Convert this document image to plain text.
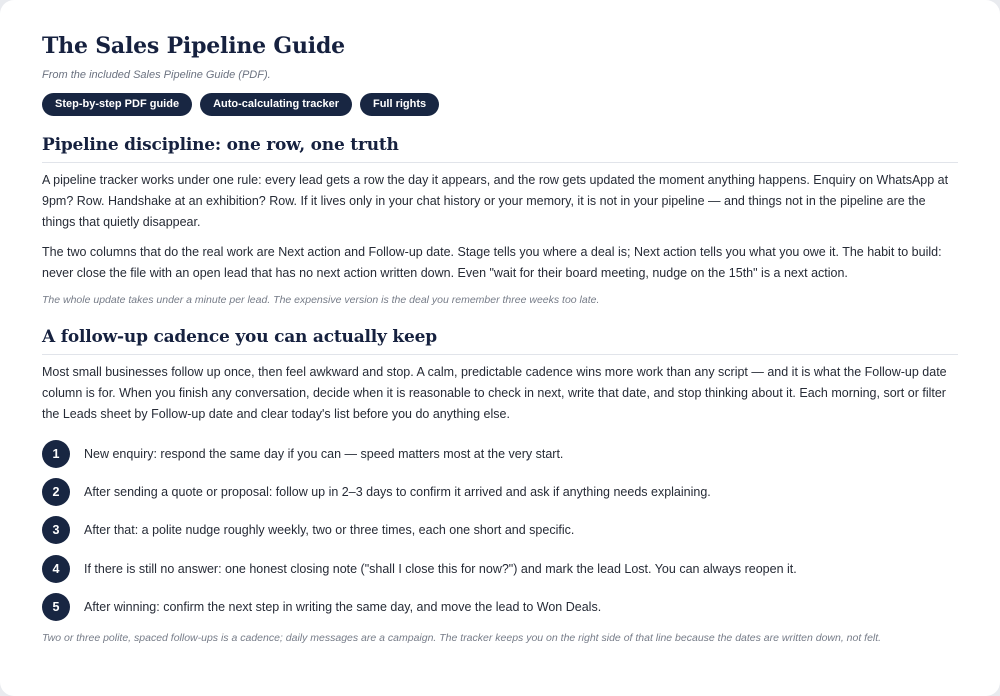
The Sales Pipeline Guide
From the included Sales Pipeline Guide (PDF).
Step-by-step PDF guide	Auto-calculating tracker	Full rights
Pipeline discipline: one row, one truth

A pipeline tracker works under one rule: every lead gets a row the day it appears, and the row gets updated the moment anything happens. Enquiry on WhatsApp at 9pm? Row. Handshake at an exhibition? Row. If it lives only in your chat history or your memory, it is not in your pipeline — and things not in the pipeline are the things that quietly disappear.

The two columns that do the real work are Next action and Follow-up date. Stage tells you where a deal is; Next action tells you what you owe it. The habit to build: never close the file with an open lead that has no next action written down. Even "wait for their board meeting, nudge on the 15th" is a next action.

The whole update takes under a minute per lead. The expensive version is the deal you remember three weeks too late.
A follow-up cadence you can actually keep

Most small businesses follow up once, then feel awkward and stop. A calm, predictable cadence wins more work than any script — and it is what the Follow-up date column is for. When you finish any conversation, decide when it is reasonable to check in next, write that date, and stop thinking about it. Each morning, sort or filter the Leads sheet by Follow-up date and clear today's list before you do anything else.

1	New enquiry: respond the same day if you can — speed matters most at the very start.
2	After sending a quote or proposal: follow up in 2–3 days to confirm it arrived and ask if anything needs explaining.
3	After that: a polite nudge roughly weekly, two or three times, each one short and specific.
4	If there is still no answer: one honest closing note ("shall I close this for now?") and mark the lead Lost. You can always reopen it.
5	After winning: confirm the next step in writing the same day, and move the lead to Won Deals.
Two or three polite, spaced follow-ups is a cadence; daily messages are a campaign. The tracker keeps you on the right side of that line because the dates are written down, not felt.
